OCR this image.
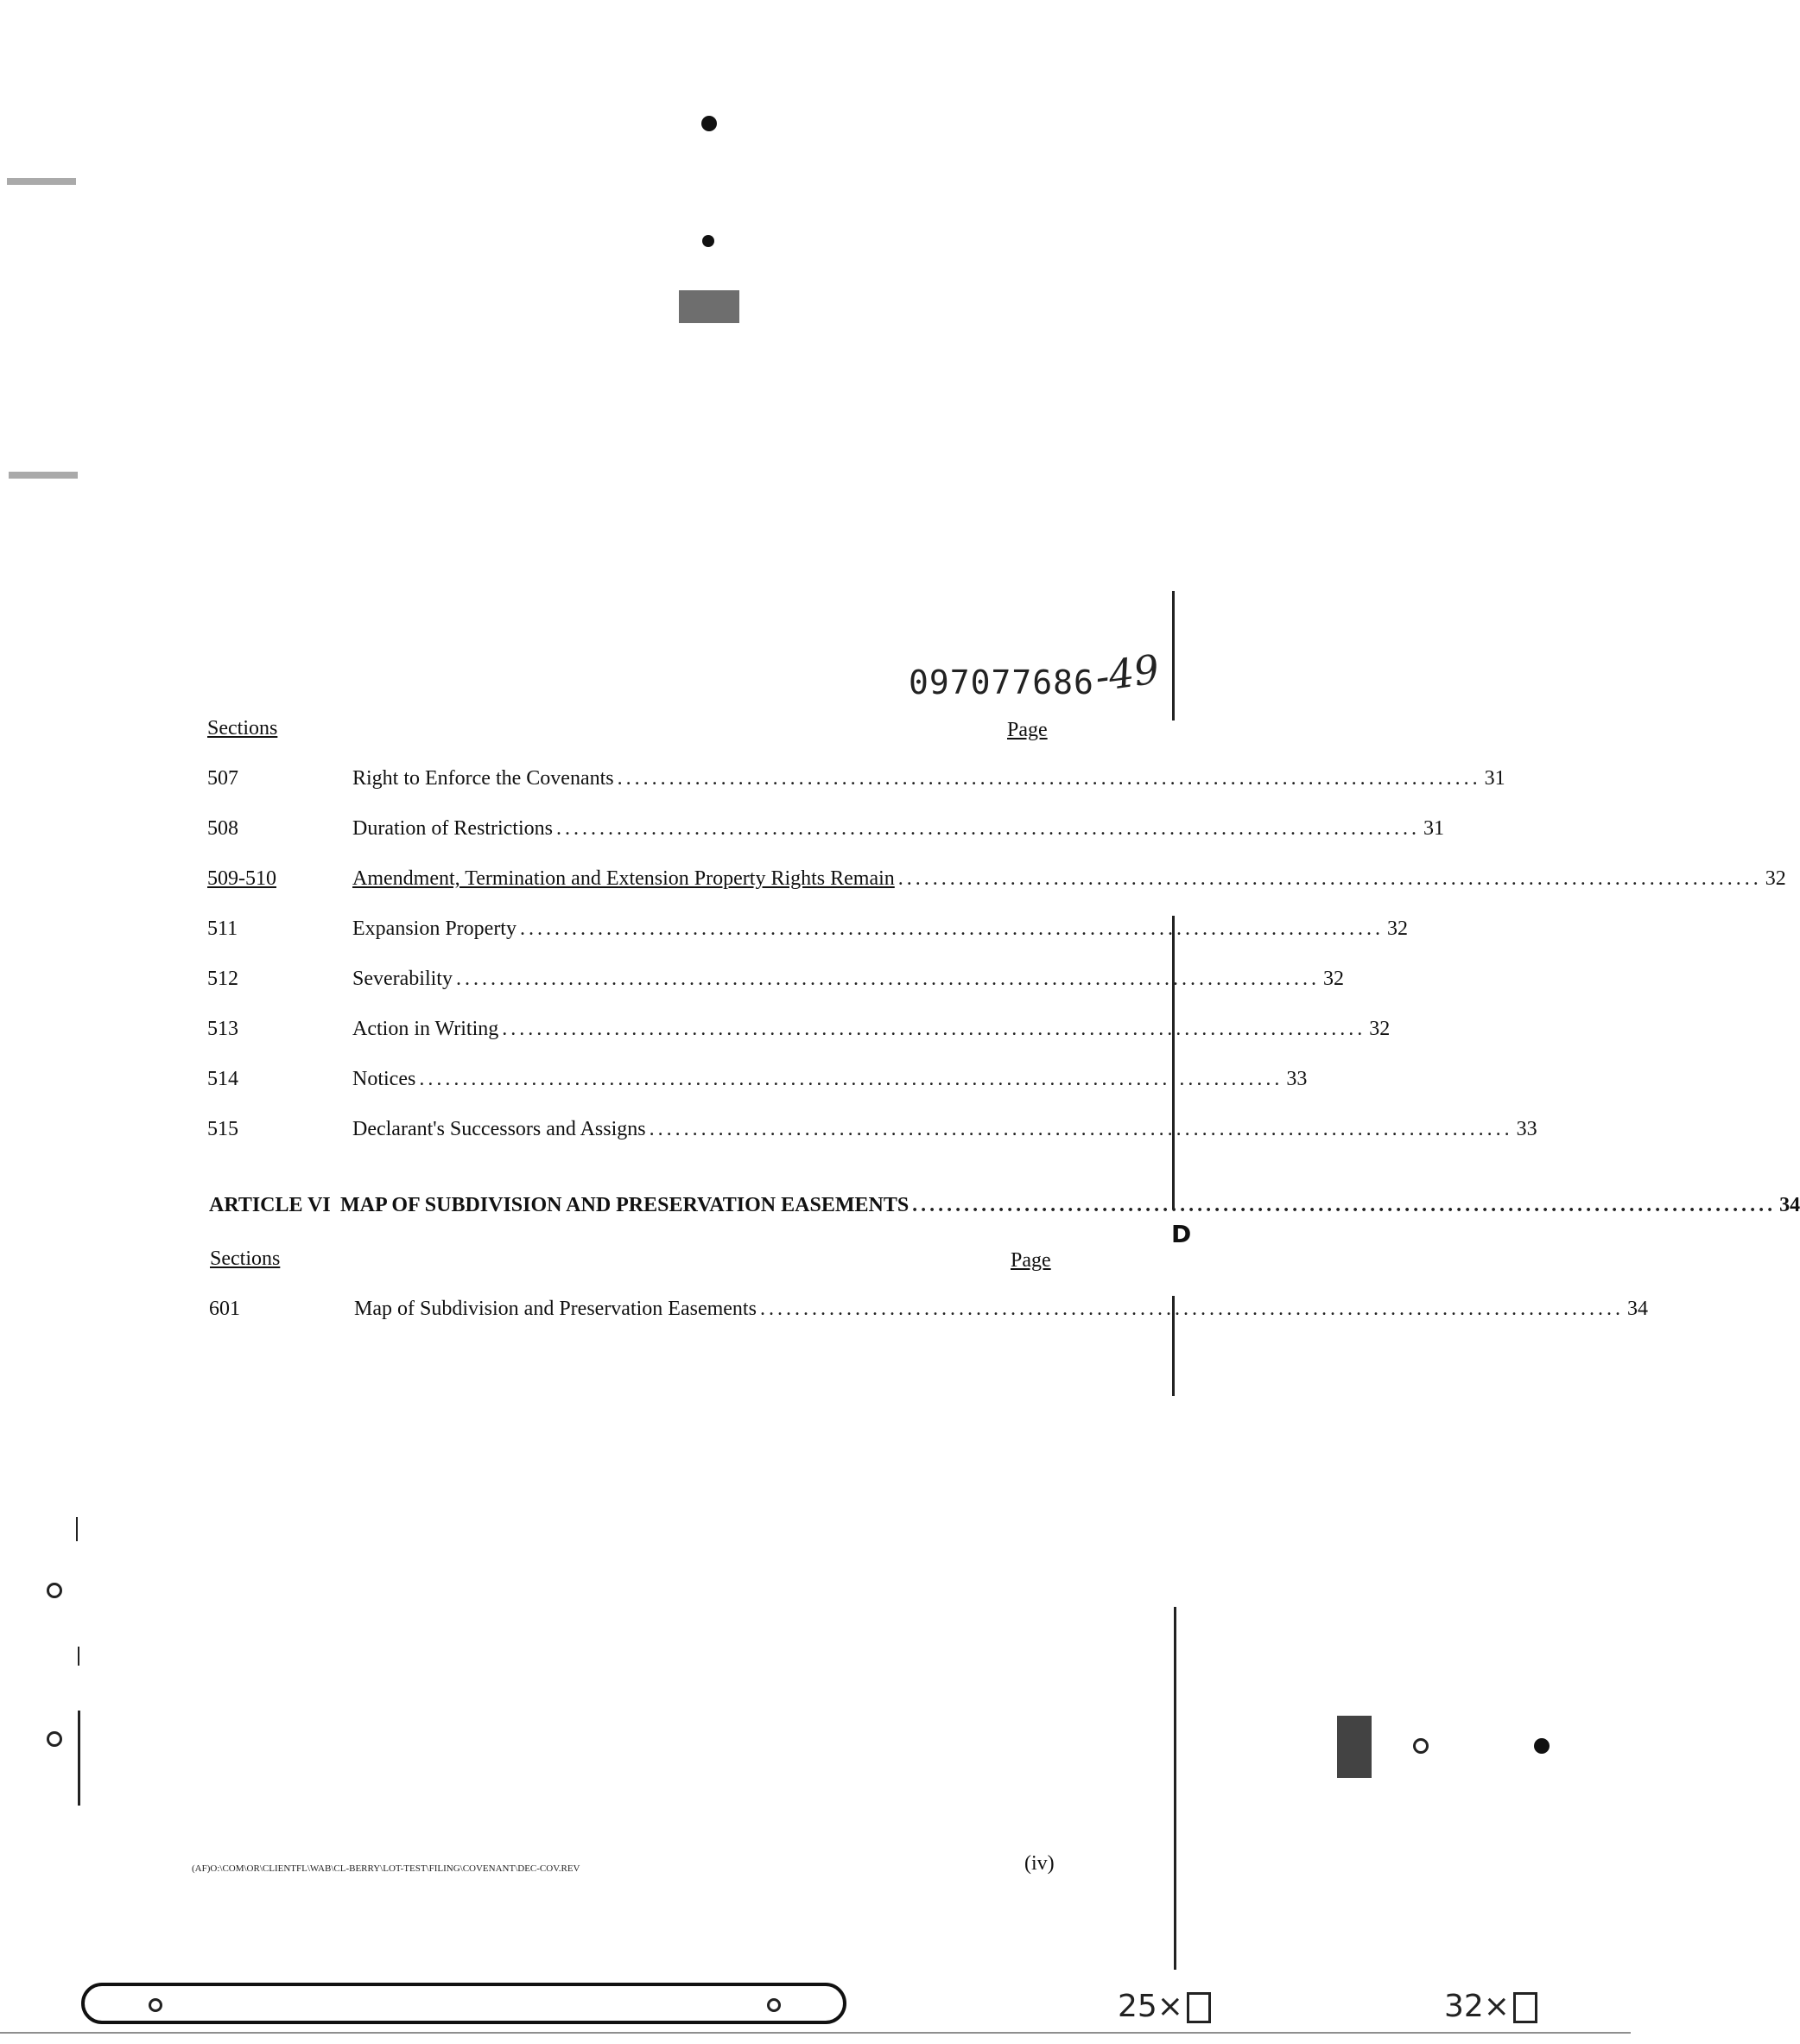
097077686
-49
Sections	Page
507	Right to Enforce the Covenants .................................................................................................... 31
508	Duration of Restrictions .................................................................................................... 31
509-510	Amendment, Termination and Extension Property Rights Remain .................................................................................................... 32
511	Expansion Property .................................................................................................... 32
512	Severability .................................................................................................... 32
513	Action in Writing .................................................................................................... 32
514	Notices .................................................................................................... 33
515	Declarant's Successors and Assigns .................................................................................................... 33
ARTICLE VI MAP OF SUBDIVISION AND PRESERVATION EASEMENTS .................................................................................................... 34
Sections	Page
601	Map of Subdivision and Preservation Easements .................................................................................................... 34
D
(AF)O:\COM\OR\CLIENTFL\WAB\CL-BERRY\LOT-TEST\FILING\COVENANT\DEC-COV.REV	(iv)
25×	32×
